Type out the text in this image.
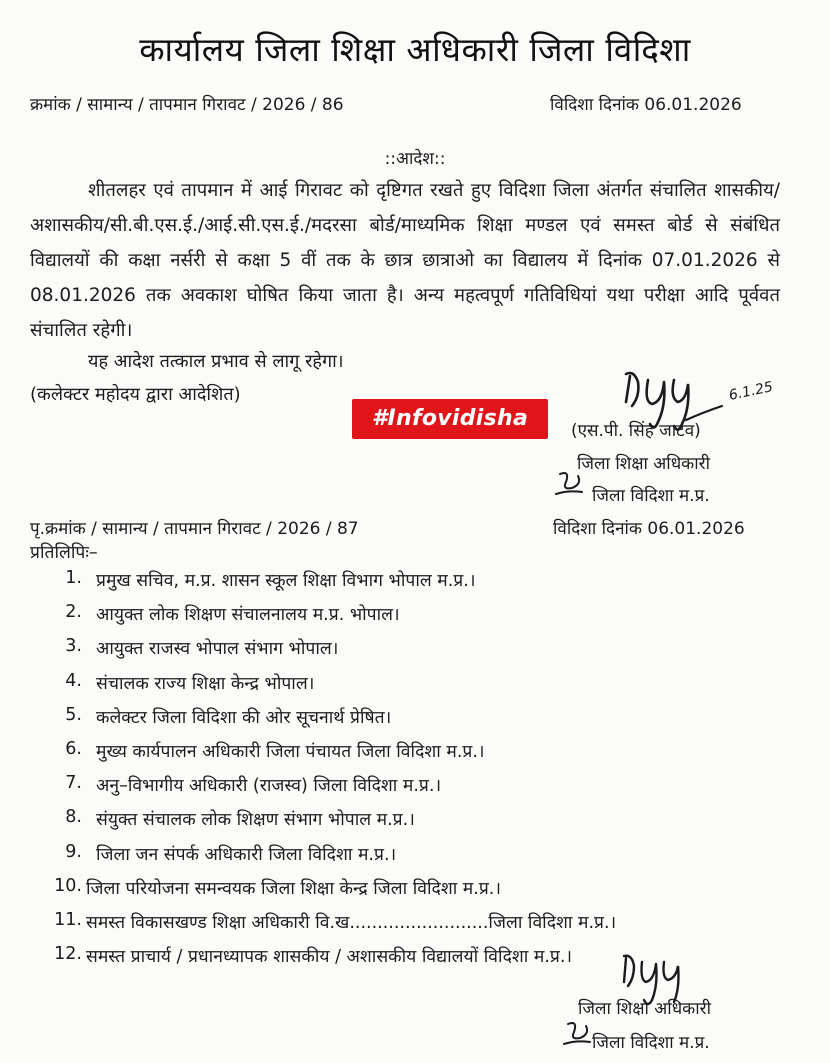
कार्यालय जिला शिक्षा अधिकारी जिला विदिशा
क्रमांक / सामान्य / तापमान गिरावट / 2026 / 86	विदिशा दिनांक 06.01.2026
::आदेश::
शीतलहर एवं तापमान में आई गिरावट को दृष्टिगत रखते हुए विदिशा जिला अंतर्गत संचालित शासकीय/अशासकीय/सी.बी.एस.ई./आई.सी.एस.ई./मदरसा बोर्ड/माध्यमिक शिक्षा मण्डल एवं समस्त बोर्ड से संबंधित विद्यालयों की कक्षा नर्सरी से कक्षा 5 वीं तक के छात्र छात्राओ का विद्यालय में दिनांक 07.01.2026 से 08.01.2026 तक अवकाश घोषित किया जाता है। अन्य महत्वपूर्ण गतिविधियां यथा परीक्षा आदि पूर्ववत संचालित रहेगी।
यह आदेश तत्काल प्रभाव से लागू रहेगा।
(कलेक्टर महोदय द्वारा आदेशित)
#Infovidisha
6.1.25
(एस.पी. सिंह जाटव)
जिला शिक्षा अधिकारी
जिला विदिशा म.प्र.
पृ.क्रमांक / सामान्य / तापमान गिरावट / 2026 / 87	विदिशा दिनांक 06.01.2026
प्रतिलिपिः–
1. प्रमुख सचिव, म.प्र. शासन स्कूल शिक्षा विभाग भोपाल म.प्र.।
2. आयुक्त लोक शिक्षण संचालनालय म.प्र. भोपाल।
3. आयुक्त राजस्व भोपाल संभाग भोपाल।
4. संचालक राज्य शिक्षा केन्द्र भोपाल।
5. कलेक्टर जिला विदिशा की ओर सूचनार्थ प्रेषित।
6. मुख्य कार्यपालन अधिकारी जिला पंचायत जिला विदिशा म.प्र.।
7. अनु–विभागीय अधिकारी (राजस्व) जिला विदिशा म.प्र.।
8. संयुक्त संचालक लोक शिक्षण संभाग भोपाल म.प्र.।
9. जिला जन संपर्क अधिकारी जिला विदिशा म.प्र.।
10. जिला परियोजना समन्वयक जिला शिक्षा केन्द्र जिला विदिशा म.प्र.।
11. समस्त विकासखण्ड शिक्षा अधिकारी वि.ख.........................जिला विदिशा म.प्र.।
12. समस्त प्राचार्य / प्रधानध्यापक शासकीय / अशासकीय विद्यालयों विदिशा म.प्र.।
जिला शिक्षा अधिकारी
जिला विदिशा म.प्र.
